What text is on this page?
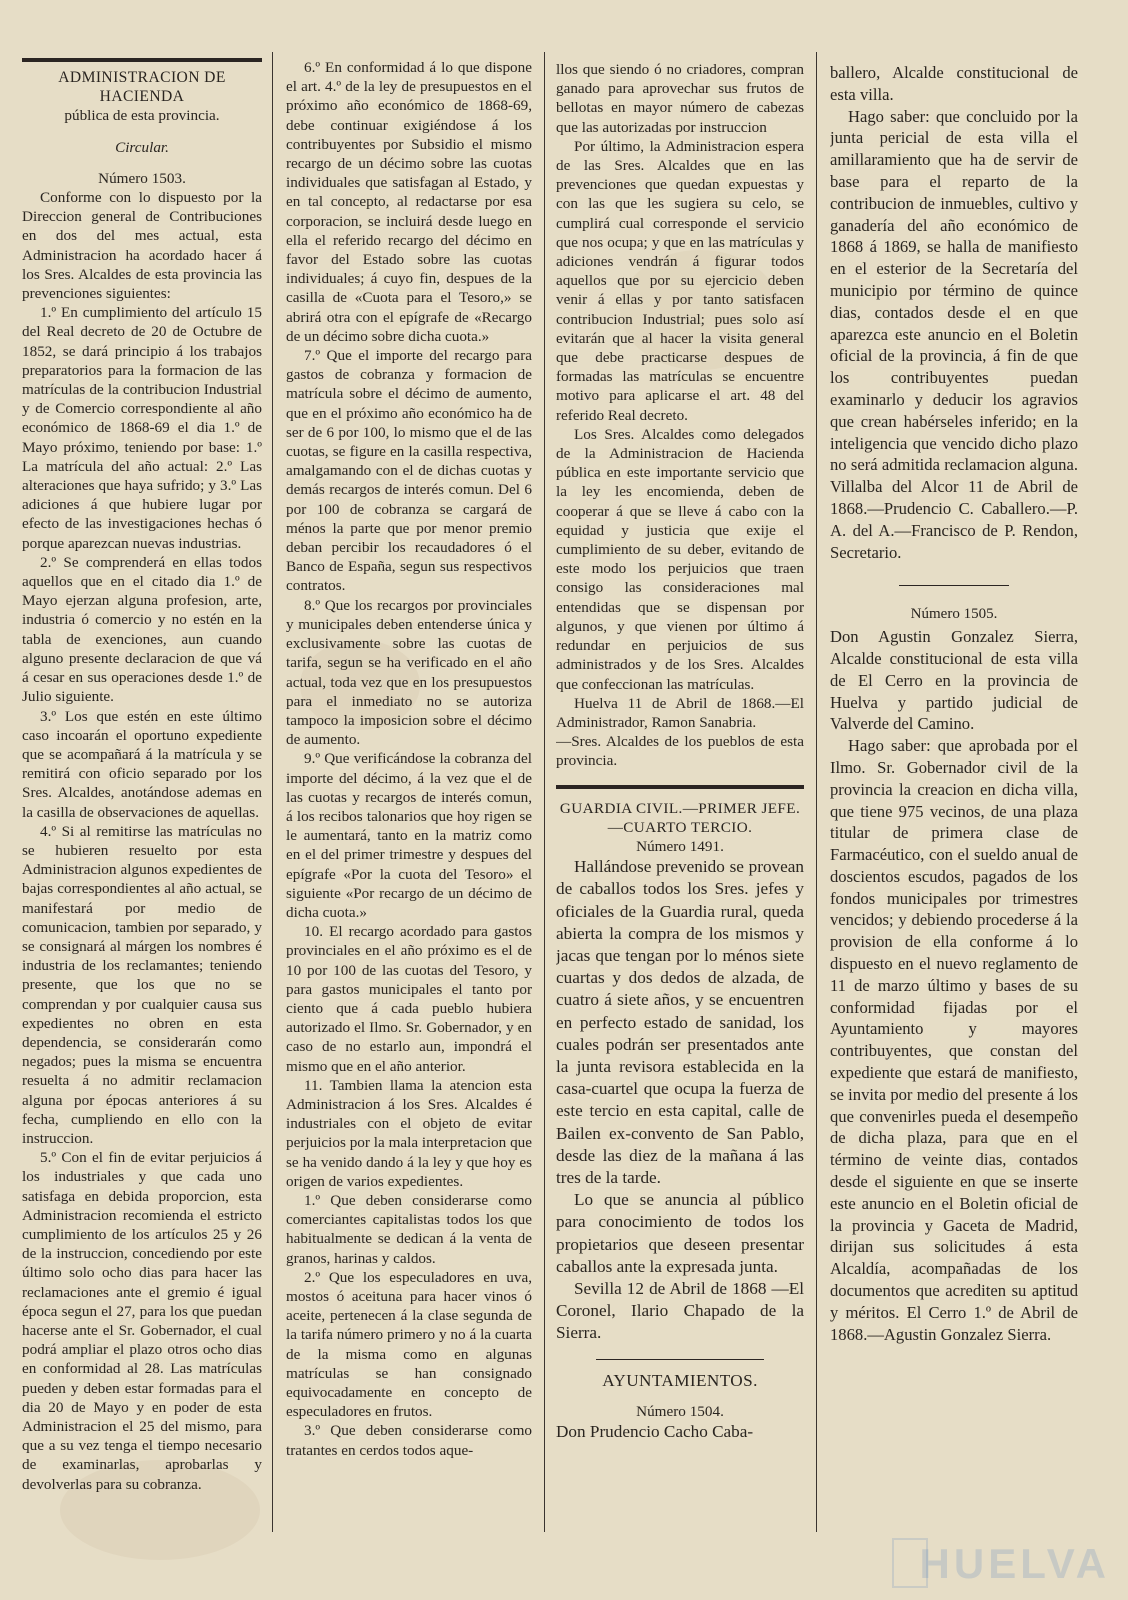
ADMINISTRACION DE HACIENDA

pública de esta provincia.

Circular.

Número 1503.

Conforme con lo dispuesto por la Direccion general de Contribuciones en dos del mes actual, esta Administracion ha acordado hacer á los Sres. Alcaldes de esta provincia las prevenciones siguientes:

1.º En cumplimiento del artículo 15 del Real decreto de 20 de Octubre de 1852, se dará principio á los trabajos preparatorios para la formacion de las matrículas de la contribucion Industrial y de Comercio correspondiente al año económico de 1868-69 el dia 1.º de Mayo próximo, teniendo por base: 1.º La matrícula del año actual: 2.º Las alteraciones que haya sufrido; y 3.º Las adiciones á que hubiere lugar por efecto de las investigaciones hechas ó porque aparezcan nuevas industrias.

2.º Se comprenderá en ellas todos aquellos que en el citado dia 1.º de Mayo ejerzan alguna profesion, arte, industria ó comercio y no estén en la tabla de exenciones, aun cuando alguno presente declaracion de que vá á cesar en sus operaciones desde 1.º de Julio siguiente.

3.º Los que estén en este último caso incoarán el oportuno expediente que se acompañará á la matrícula y se remitirá con oficio separado por los Sres. Alcaldes, anotándose ademas en la casilla de observaciones de aquellas.

4.º Si al remitirse las matrículas no se hubieren resuelto por esta Administracion algunos expedientes de bajas correspondientes al año actual, se manifestará por medio de comunicacion, tambien por separado, y se consignará al márgen los nombres é industria de los reclamantes; teniendo presente, que los que no se comprendan y por cualquier causa sus expedientes no obren en esta dependencia, se considerarán como negados; pues la misma se encuentra resuelta á no admitir reclamacion alguna por épocas anteriores á su fecha, cumpliendo en ello con la instruccion.

5.º Con el fin de evitar perjuicios á los industriales y que cada uno satisfaga en debida proporcion, esta Administracion recomienda el estricto cumplimiento de los artículos 25 y 26 de la instruccion, concediendo por este último solo ocho dias para hacer las reclamaciones ante el gremio é igual época segun el 27, para los que puedan hacerse ante el Sr. Gobernador, el cual podrá ampliar el plazo otros ocho dias en conformidad al 28. Las matrículas pueden y deben estar formadas para el dia 20 de Mayo y en poder de esta Administracion el 25 del mismo, para que a su vez tenga el tiempo necesario de examinarlas, aprobarlas y devolverlas para su cobranza.

6.º En conformidad á lo que dispone el art. 4.º de la ley de presupuestos en el próximo año económico de 1868-69, debe continuar exigiéndose á los contribuyentes por Subsidio el mismo recargo de un décimo sobre las cuotas individuales que satisfagan al Estado, y en tal concepto, al redactarse por esa corporacion, se incluirá desde luego en ella el referido recargo del décimo en favor del Estado sobre las cuotas individuales; á cuyo fin, despues de la casilla de «Cuota para el Tesoro,» se abrirá otra con el epígrafe de «Recargo de un décimo sobre dicha cuota.»

7.º Que el importe del recargo para gastos de cobranza y formacion de matrícula sobre el décimo de aumento, que en el próximo año económico ha de ser de 6 por 100, lo mismo que el de las cuotas, se figure en la casilla respectiva, amalgamando con el de dichas cuotas y demás recargos de interés comun. Del 6 por 100 de cobranza se cargará de ménos la parte que por menor premio deban percibir los recaudadores ó el Banco de España, segun sus respectivos contratos.

8.º Que los recargos por provinciales y municipales deben entenderse única y exclusivamente sobre las cuotas de tarifa, segun se ha verificado en el año actual, toda vez que en los presupuestos para el inmediato no se autoriza tampoco la imposicion sobre el décimo de aumento.

9.º Que verificándose la cobranza del importe del décimo, á la vez que el de las cuotas y recargos de interés comun, á los recibos talonarios que hoy rigen se le aumentará, tanto en la matriz como en el del primer trimestre y despues del epígrafe «Por la cuota del Tesoro» el siguiente «Por recargo de un décimo de dicha cuota.»

10. El recargo acordado para gastos provinciales en el año próximo es el de 10 por 100 de las cuotas del Tesoro, y para gastos municipales el tanto por ciento que á cada pueblo hubiera autorizado el Ilmo. Sr. Gobernador, y en caso de no estarlo aun, impondrá el mismo que en el año anterior.

11. Tambien llama la atencion esta Administracion á los Sres. Alcaldes é industriales con el objeto de evitar perjuicios por la mala interpretacion que se ha venido dando á la ley y que hoy es origen de varios expedientes.

1.º Que deben considerarse como comerciantes capitalistas todos los que habitualmente se dedican á la venta de granos, harinas y caldos.

2.º Que los especuladores en uva, mostos ó aceituna para hacer vinos ó aceite, pertenecen á la clase segunda de la tarifa número primero y no á la cuarta de la misma como en algunas matrículas se han consignado equivocadamente en concepto de especuladores en frutos.

3.º Que deben considerarse como tratantes en cerdos todos aque-

llos que siendo ó no criadores, compran ganado para aprovechar sus frutos de bellotas en mayor número de cabezas que las autorizadas por instruccion

Por último, la Administracion espera de las Sres. Alcaldes que en las prevenciones que quedan expuestas y con las que les sugiera su celo, se cumplirá cual corresponde el servicio que nos ocupa; y que en las matrículas y adiciones vendrán á figurar todos aquellos que por su ejercicio deben venir á ellas y por tanto satisfacen contribucion Industrial; pues solo así evitarán que al hacer la visita general que debe practicarse despues de formadas las matrículas se encuentre motivo para aplicarse el art. 48 del referido Real decreto.

Los Sres. Alcaldes como delegados de la Administracion de Hacienda pública en este importante servicio que la ley les encomienda, deben de cooperar á que se lleve á cabo con la equidad y justicia que exije el cumplimiento de su deber, evitando de este modo los perjuicios que traen consigo las consideraciones mal entendidas que se dispensan por algunos, y que vienen por último á redundar en perjuicios de sus administrados y de los Sres. Alcaldes que confeccionan las matrículas.

Huelva 11 de Abril de 1868.—El Administrador, Ramon Sanabria.

—Sres. Alcaldes de los pueblos de esta provincia.

GUARDIA CIVIL.—PRIMER JEFE.—CUARTO TERCIO.

Número 1491.

Hallándose prevenido se provean de caballos todos los Sres. jefes y oficiales de la Guardia rural, queda abierta la compra de los mismos y jacas que tengan por lo ménos siete cuartas y dos dedos de alzada, de cuatro á siete años, y se encuentren en perfecto estado de sanidad, los cuales podrán ser presentados ante la junta revisora establecida en la casa-cuartel que ocupa la fuerza de este tercio en esta capital, calle de Bailen ex-convento de San Pablo, desde las diez de la mañana á las tres de la tarde.

Lo que se anuncia al público para conocimiento de todos los propietarios que deseen presentar caballos ante la expresada junta.

Sevilla 12 de Abril de 1868 —El Coronel, Ilario Chapado de la Sierra.

AYUNTAMIENTOS.

Número 1504.

Don Prudencio Cacho Caba-

ballero, Alcalde constitucional de esta villa.

Hago saber: que concluido por la junta pericial de esta villa el amillaramiento que ha de servir de base para el reparto de la contribucion de inmuebles, cultivo y ganadería del año económico de 1868 á 1869, se halla de manifiesto en el esterior de la Secretaría del municipio por término de quince dias, contados desde el en que aparezca este anuncio en el Boletin oficial de la provincia, á fin de que los contribuyentes puedan examinarlo y deducir los agravios que crean habérseles inferido; en la inteligencia que vencido dicho plazo no será admitida reclamacion alguna. Villalba del Alcor 11 de Abril de 1868.—Prudencio C. Caballero.—P. A. del A.—Francisco de P. Rendon, Secretario.

Número 1505.

Don Agustin Gonzalez Sierra, Alcalde constitucional de esta villa de El Cerro en la provincia de Huelva y partido judicial de Valverde del Camino.

Hago saber: que aprobada por el Ilmo. Sr. Gobernador civil de la provincia la creacion en dicha villa, que tiene 975 vecinos, de una plaza titular de primera clase de Farmacéutico, con el sueldo anual de doscientos escudos, pagados de los fondos municipales por trimestres vencidos; y debiendo procederse á la provision de ella conforme á lo dispuesto en el nuevo reglamento de 11 de marzo último y bases de su conformidad fijadas por el Ayuntamiento y mayores contribuyentes, que constan del expediente que estará de manifiesto, se invita por medio del presente á los que convenirles pueda el desempeño de dicha plaza, para que en el término de veinte dias, contados desde el siguiente en que se inserte este anuncio en el Boletin oficial de la provincia y Gaceta de Madrid, dirijan sus solicitudes á esta Alcaldía, acompañadas de los documentos que acrediten su aptitud y méritos. El Cerro 1.º de Abril de 1868.—Agustin Gonzalez Sierra.

HUELVA
